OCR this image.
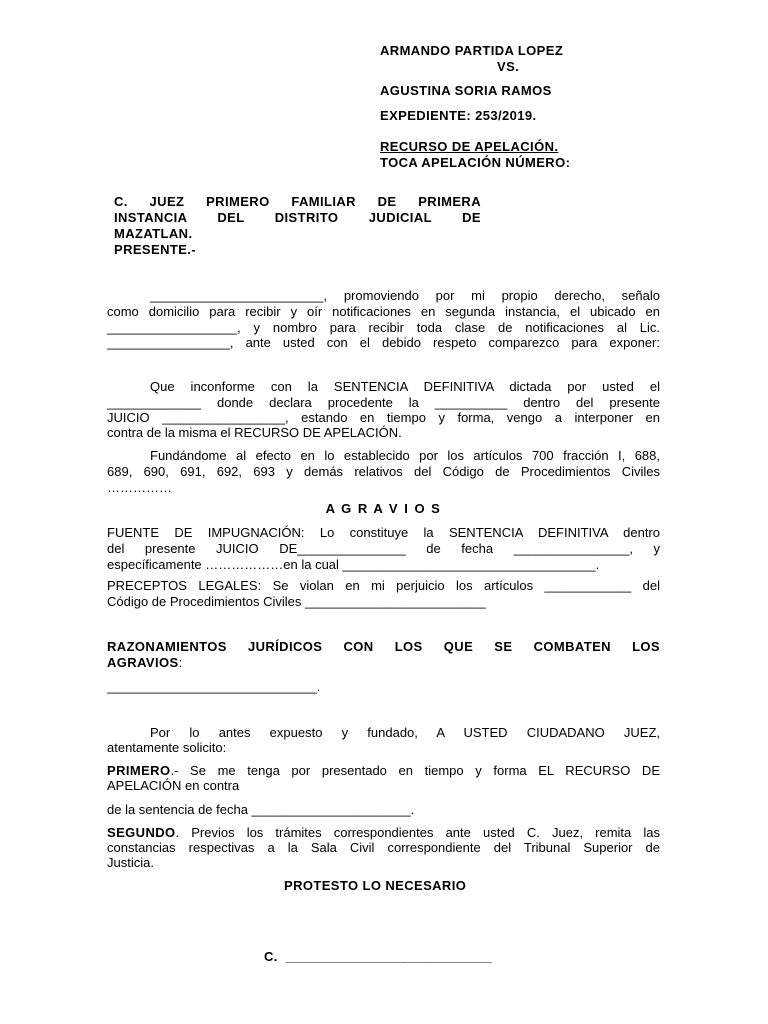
ARMANDO PARTIDA LOPEZ

VS.

AGUSTINA SORIA RAMOS

EXPEDIENTE: 253/2019.

RECURSO DE APELACIÓN.

TOCA APELACIÓN NÚMERO:

C. JUEZ PRIMERO FAMILIAR DE PRIMERA

INSTANCIA DEL DISTRITO JUDICIAL DE

MAZATLAN.

PRESENTE.-

________________________, promoviendo por mi propio derecho, señalo

como domicilio para recibir y oír notificaciones en segunda instancia, el ubicado en

__________________, y nombro para recibir toda clase de notificaciones al Lic.

_________________, ante usted con el debido respeto comparezco para exponer:

Que inconforme con la SENTENCIA DEFINITIVA dictada por usted el

_____________ donde declara procedente la __________ dentro del presente

JUICIO _________________, estando en tiempo y forma, vengo a interponer en

contra de la misma el RECURSO DE APELACIÓN.

Fundándome al efecto en lo establecido por los artículos 700 fracción I, 688,

689, 690, 691, 692, 693 y demás relativos del Código de Procedimientos Civiles

……………

A G R A V I O S

FUENTE DE IMPUGNACIÓN: Lo constituye la SENTENCIA DEFINITIVA dentro

del presente JUICIO DE_______________ de fecha ________________, y

específicamente ………………en la cual ___________________________________.

PRECEPTOS LEGALES: Se violan en mi perjuicio los artículos ____________ del

Código de Procedimientos Civiles _________________________

RAZONAMIENTOS JURÍDICOS CON LOS QUE SE COMBATEN LOS

AGRAVIOS:

_____________________________.

Por lo antes expuesto y fundado, A USTED CIUDADANO JUEZ,

atentamente solicito:

PRIMERO.- Se me tenga por presentado en tiempo y forma EL RECURSO DE

APELACIÓN en contra

de la sentencia de fecha ______________________.

SEGUNDO. Previos los trámites correspondientes ante usted C. Juez, remita las

constancias respectivas a la Sala Civil correspondiente del Tribunal Superior de

Justicia.

PROTESTO LO NECESARIO

C. ___________________________
